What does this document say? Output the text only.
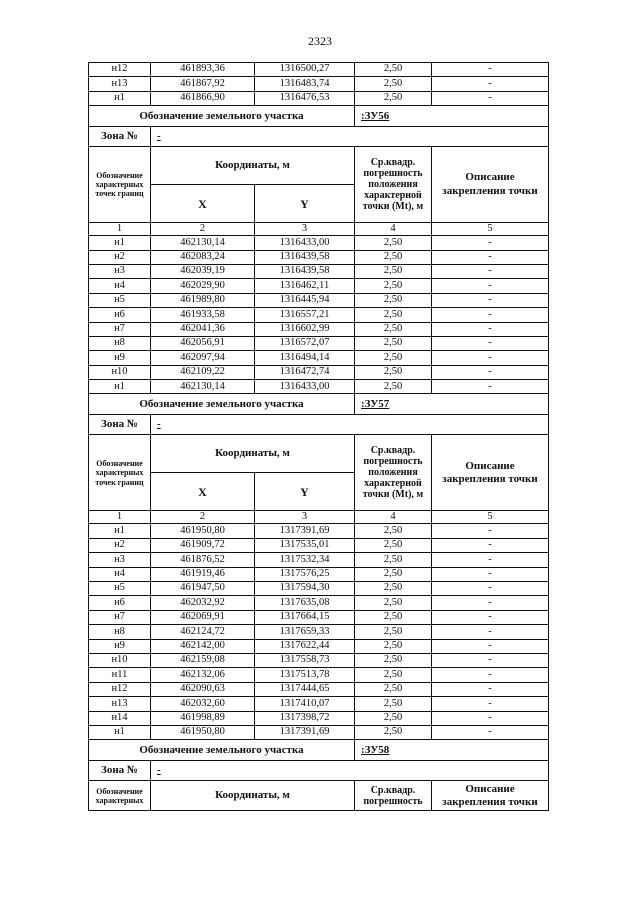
2323
н12	461893,36	1316500,27	2,50	-
н13	461867,92	1316483,74	2,50	-
н1	461866,90	1316476,53	2,50	-
Обозначение земельного участка			:ЗУ56	
Зона №	-			
Обозначение характерных точек границ	Координаты, м		Ср.квадр. погрешность положения характерной точки (Mt), м	Описание закрепления точки
	X	Y		
1	2	3	4	5
н1	462130,14	1316433,00	2,50	-
н2	462083,24	1316439,58	2,50	-
н3	462039,19	1316439,58	2,50	-
н4	462029,90	1316462,11	2,50	-
н5	461989,80	1316445,94	2,50	-
н6	461933,58	1316557,21	2,50	-
н7	462041,36	1316602,99	2,50	-
н8	462056,91	1316572,07	2,50	-
н9	462097,94	1316494,14	2,50	-
н10	462109,22	1316472,74	2,50	-
н1	462130,14	1316433,00	2,50	-
Обозначение земельного участка			:ЗУ57	
Зона №	-			
Обозначение характерных точек границ	Координаты, м		Ср.квадр. погрешность положения характерной точки (Mt), м	Описание закрепления точки
	X	Y		
1	2	3	4	5
н1	461950,80	1317391,69	2,50	-
н2	461909,72	1317535,01	2,50	-
н3	461876,52	1317532,34	2,50	-
н4	461919,46	1317576,25	2,50	-
н5	461947,50	1317594,30	2,50	-
н6	462032,92	1317635,08	2,50	-
н7	462069,91	1317664,15	2,50	-
н8	462124,72	1317659,33	2,50	-
н9	462142,00	1317622,44	2,50	-
н10	462159,08	1317558,73	2,50	-
н11	462132,06	1317513,78	2,50	-
н12	462090,63	1317444,65	2,50	-
н13	462032,60	1317410,07	2,50	-
н14	461998,89	1317398,72	2,50	-
н1	461950,80	1317391,69	2,50	-
Обозначение земельного участка			:ЗУ58	
Зона №	-			
Обозначение характерных	Координаты, м		Ср.квадр. погрешность	Описание закрепления точки
